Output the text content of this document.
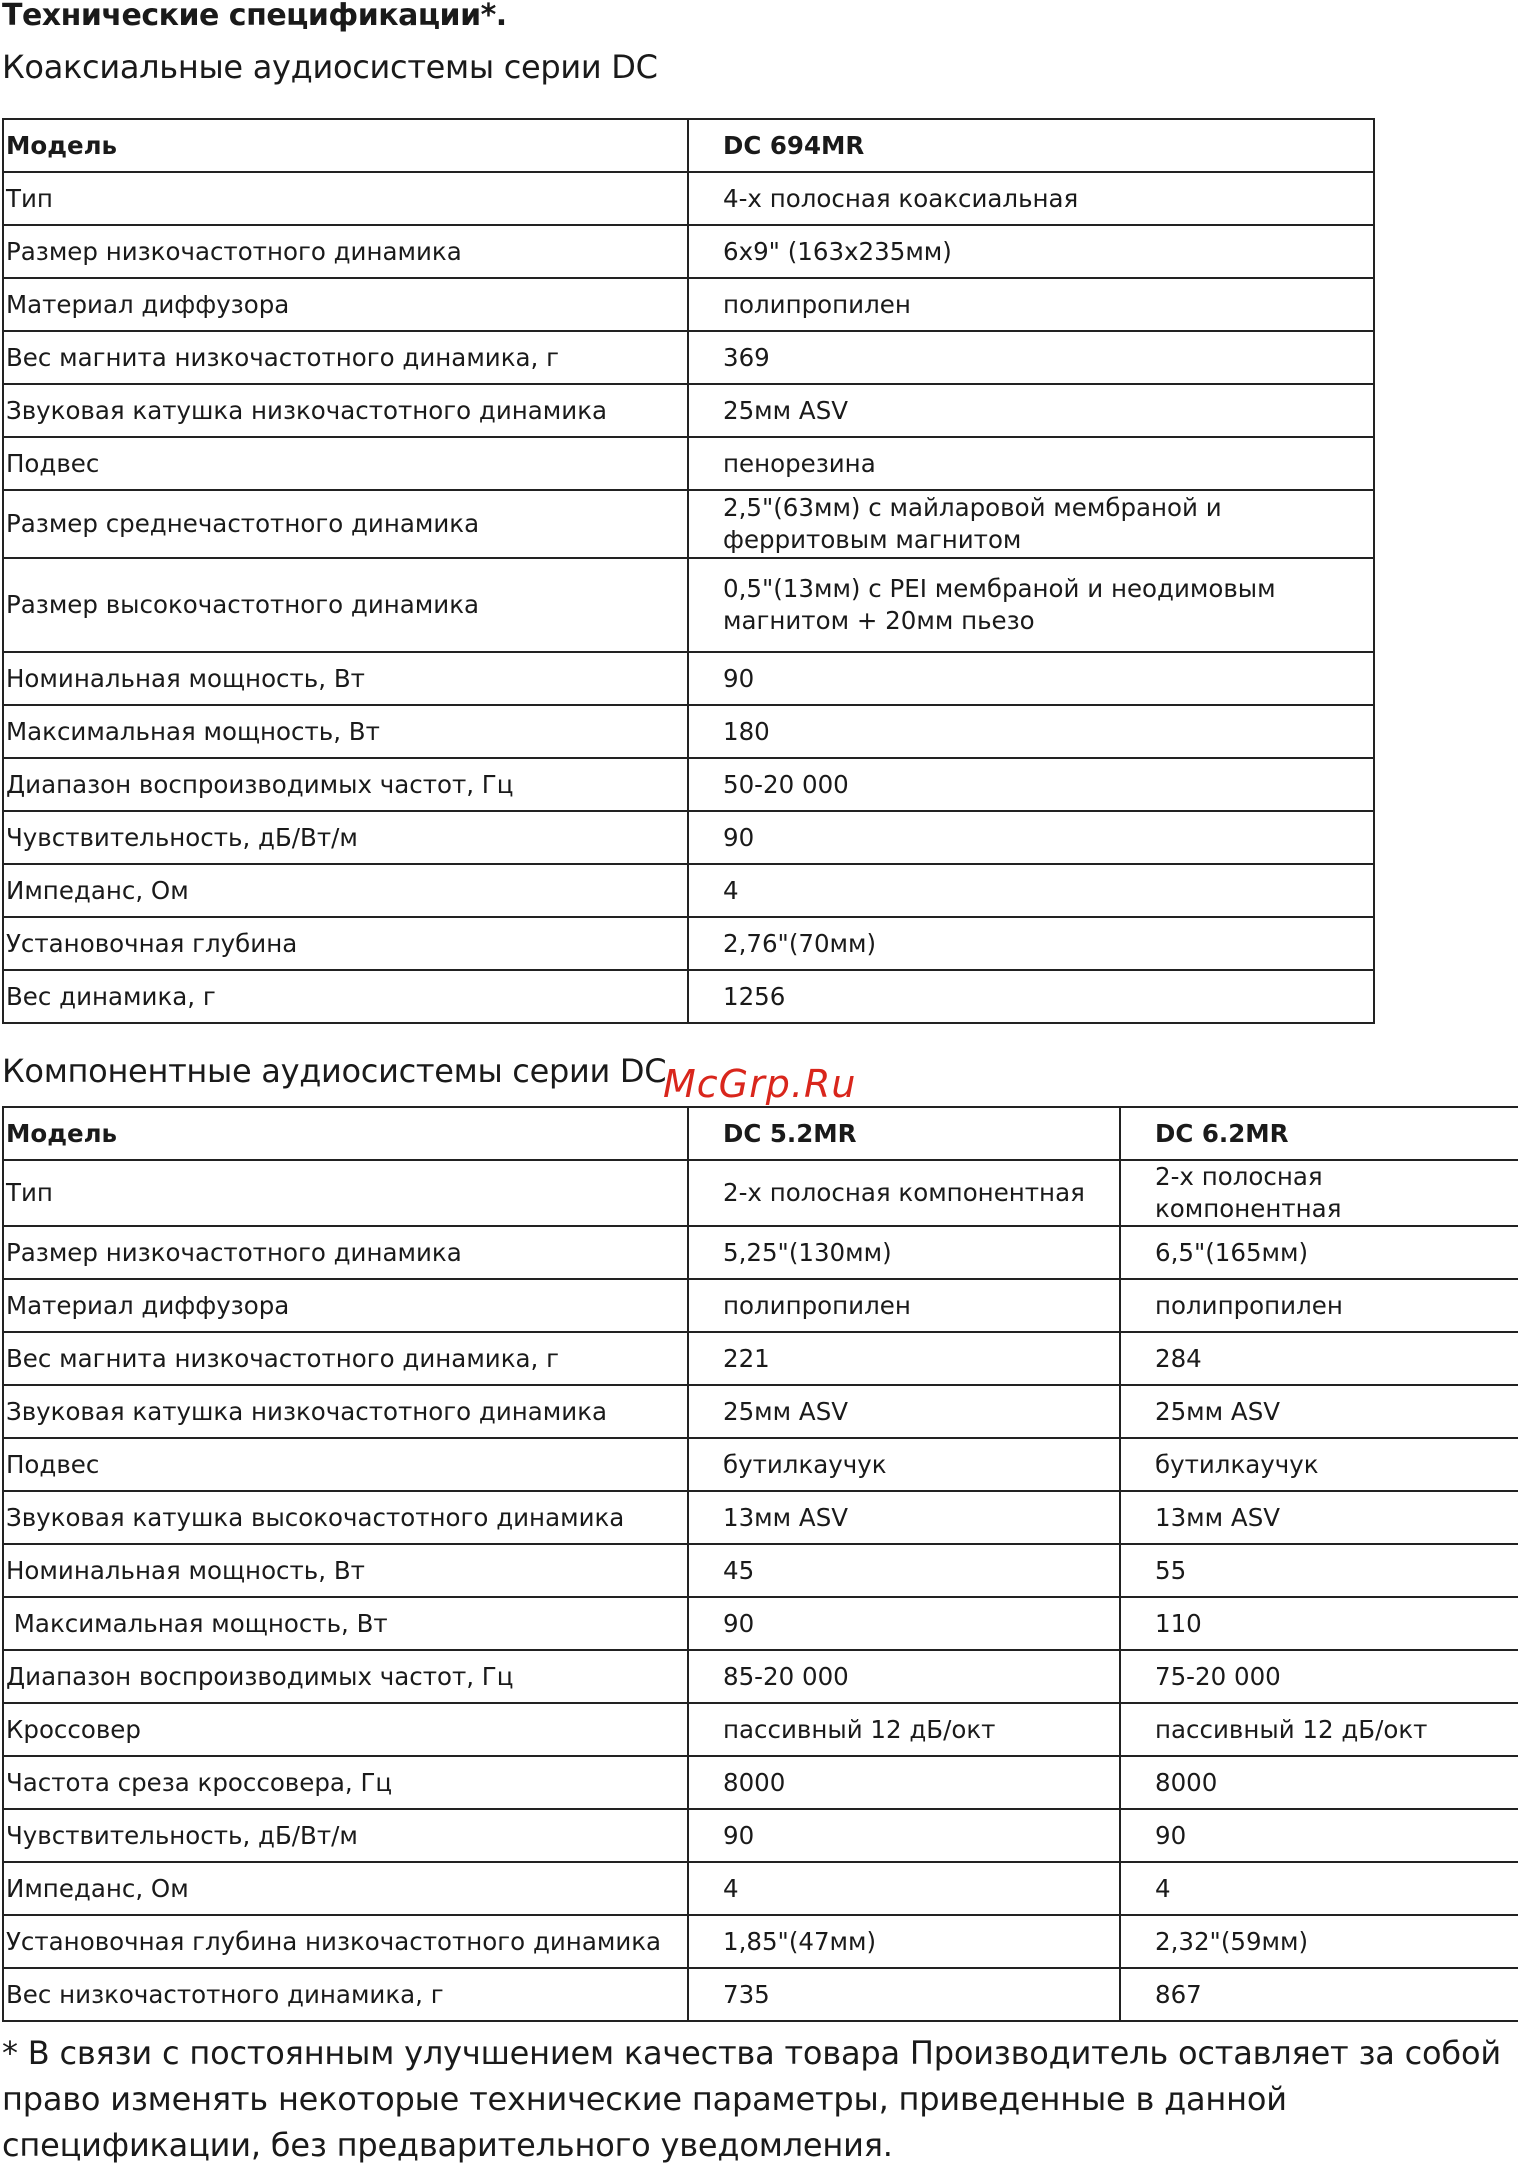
Технические спецификации*.
Коаксиальные аудиосистемы серии DC
Модель	DC 694MR
Тип	4-х полосная коаксиальная
Размер низкочастотного динамика	6x9" (163x235мм)
Материал диффузора	полипропилен
Вес магнита низкочастотного динамика, г	369
Звуковая катушка низкочастотного динамика	25мм ASV
Подвес	пенорезина
Размер среднечастотного динамика	2,5"(63мм) с майларовой мембраной и ферритовым магнитом
Размер высокочастотного динамика	0,5"(13мм) с PEI мембраной и неодимовым магнитом + 20мм пьезо
Номинальная мощность, Вт	90
Максимальная мощность, Вт	180
Диапазон воспроизводимых частот, Гц	50-20 000
Чувствительность, дБ/Вт/м	90
Импеданс, Ом	4
Установочная глубина	2,76"(70мм)
Вес динамика, г	1256
Компонентные аудиосистемы серии DC
McGrp.Ru
Модель	DC 5.2MR	DC 6.2MR
Тип	2-х полосная компонентная	2-х полосная компонентная
Размер низкочастотного динамика	5,25"(130мм)	6,5"(165мм)
Материал диффузора	полипропилен	полипропилен
Вес магнита низкочастотного динамика, г	221	284
Звуковая катушка низкочастотного динамика	25мм ASV	25мм ASV
Подвес	бутилкаучук	бутилкаучук
Звуковая катушка высокочастотного динамика	13мм ASV	13мм ASV
Номинальная мощность, Вт	45	55
Максимальная мощность, Вт	90	110
Диапазон воспроизводимых частот, Гц	85-20 000	75-20 000
Кроссовер	пассивный 12 дБ/окт	пассивный 12 дБ/окт
Частота среза кроссовера, Гц	8000	8000
Чувствительность, дБ/Вт/м	90	90
Импеданс, Ом	4	4
Установочная глубина низкочастотного динамика	1,85"(47мм)	2,32"(59мм)
Вес низкочастотного динамика, г	735	867
* В связи с постоянным улучшением качества товара Производитель оставляет за собой право изменять некоторые технические параметры, приведенные в данной спецификации, без предварительного уведомления.
